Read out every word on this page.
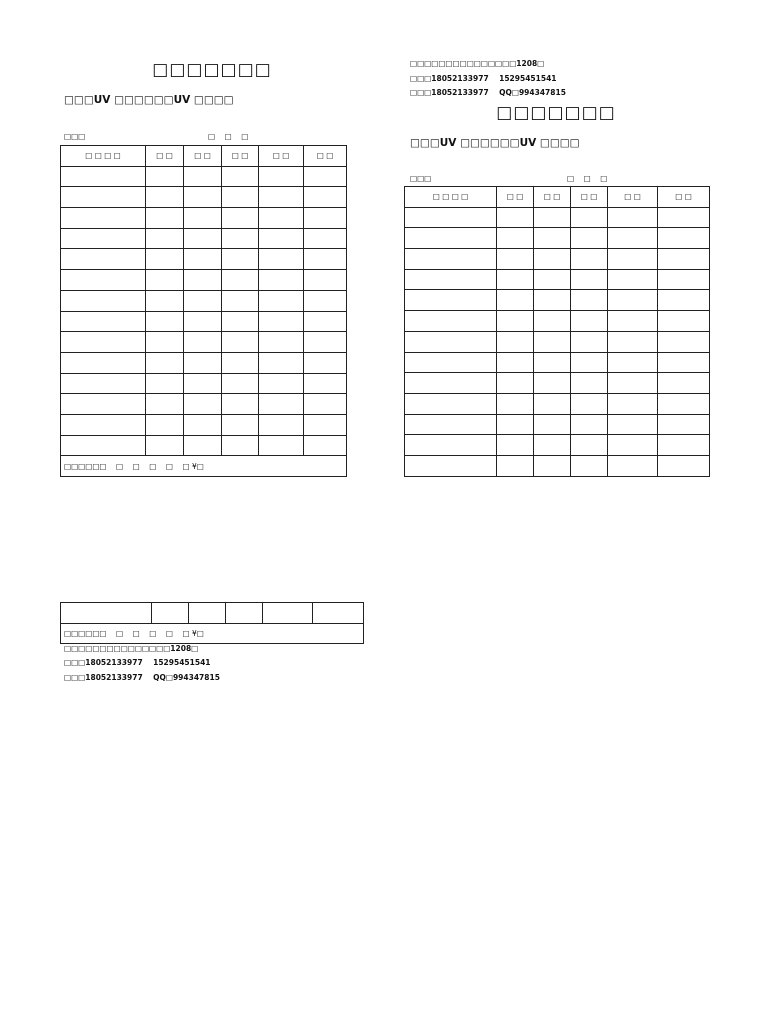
□□□□□□□
□□□UV □□□□□□UV □□□□
□□□	□    □    □
□ □ □ □	□ □	□ □	□ □	□ □	□ □

□□□□□□    □    □    □    □    □ ¥□					
□□□□□□□□□□□□□□□1208□
□□□18052133977    15295451541
□□□18052133977    QQ□994347815
□□□□□□□
□□□UV □□□□□□UV □□□□
□□□	□    □    □
□ □ □ □	□ □	□ □	□ □	□ □	□ □

□□□□□□    □    □    □    □    □ ¥□
□□□□□□□□□□□□□□□1208□
□□□18052133977    15295451541
□□□18052133977    QQ□994347815
